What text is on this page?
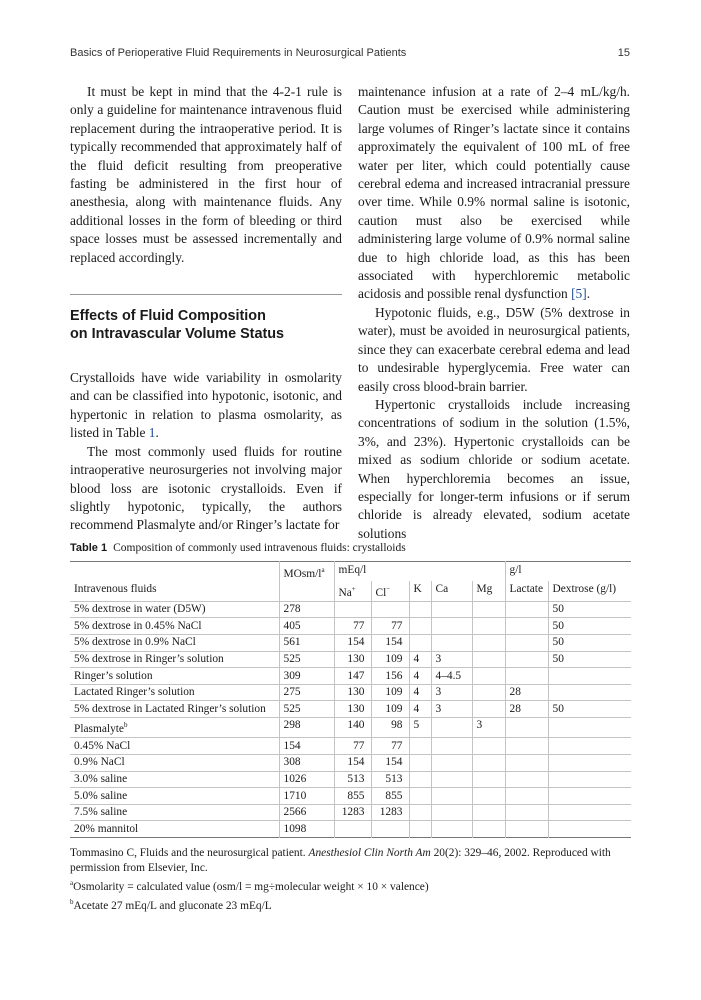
Basics of Perioperative Fluid Requirements in Neurosurgical Patients	15

It must be kept in mind that the 4-2-1 rule is only a guideline for maintenance intravenous fluid replacement during the intraoperative period. It is typically recommended that approximately half of the fluid deficit resulting from preoperative fasting be administered in the first hour of anesthesia, along with maintenance fluids. Any additional losses in the form of bleeding or third space losses must be assessed incrementally and replaced accordingly.

Effects of Fluid Composition
on Intravascular Volume Status

Crystalloids have wide variability in osmolarity and can be classified into hypotonic, isotonic, and hypertonic in relation to plasma osmolarity, as listed in Table 1.

The most commonly used fluids for routine intraoperative neurosurgeries not involving major blood loss are isotonic crystalloids. Even if slightly hypotonic, typically, the authors recommend Plasmalyte and/or Ringer’s lactate for

maintenance infusion at a rate of 2–4 mL/kg/h. Caution must be exercised while administering large volumes of Ringer’s lactate since it contains approximately the equivalent of 100 mL of free water per liter, which could potentially cause cerebral edema and increased intracranial pressure over time. While 0.9% normal saline is isotonic, caution must also be exercised while administering large volume of 0.9% normal saline due to high chloride load, as this has been associated with hyperchloremic metabolic acidosis and possible renal dysfunction [5].

Hypotonic fluids, e.g., D5W (5% dextrose in water), must be avoided in neurosurgical patients, since they can exacerbate cerebral edema and lead to undesirable hyperglycemia. Free water can easily cross blood-brain barrier.

Hypertonic crystalloids include increasing concentrations of sodium in the solution (1.5%, 3%, and 23%). Hypertonic crystalloids can be mixed as sodium chloride or sodium acetate. When hyperchloremia becomes an issue, especially for longer-term infusions or if serum chloride is already elevated, sodium acetate solutions

Table 1 Composition of commonly used intravenous fluids: crystalloids
	MOsm/$l^a$	mEq/l					g/l	
Intravenous fluids		Na+	Cl−	K	Ca	Mg	Lactate	Dextrose (g/l)
5% dextrose in water (D5W)	278							50
5% dextrose in 0.45% NaCl	405	77	77					50
5% dextrose in 0.9% NaCl	561	154	154					50
5% dextrose in Ringer’s solution	525	130	109	4	3			50
Ringer’s solution	309	147	156	4	4–4.5			
Lactated Ringer’s solution	275	130	109	4	3		28	
5% dextrose in Lactated Ringer’s solution	525	130	109	4	3		28	50
Plasmalyte$^b$	298	140	98	5		3		
0.45% NaCl	154	77	77					
0.9% NaCl	308	154	154					
3.0% saline	1026	513	513					
5.0% saline	1710	855	855					
7.5% saline	2566	1283	1283					
20% mannitol	1098							

Tommasino C, Fluids and the neurosurgical patient. Anesthesiol Clin North Am 20(2): 329–46, 2002. Reproduced with permission from Elsevier, Inc.

$^a$Osmolarity = calculated value (osm/l = mg÷molecular weight × 10 × valence)

$^b$Acetate 27 mEq/L and gluconate 23 mEq/L
